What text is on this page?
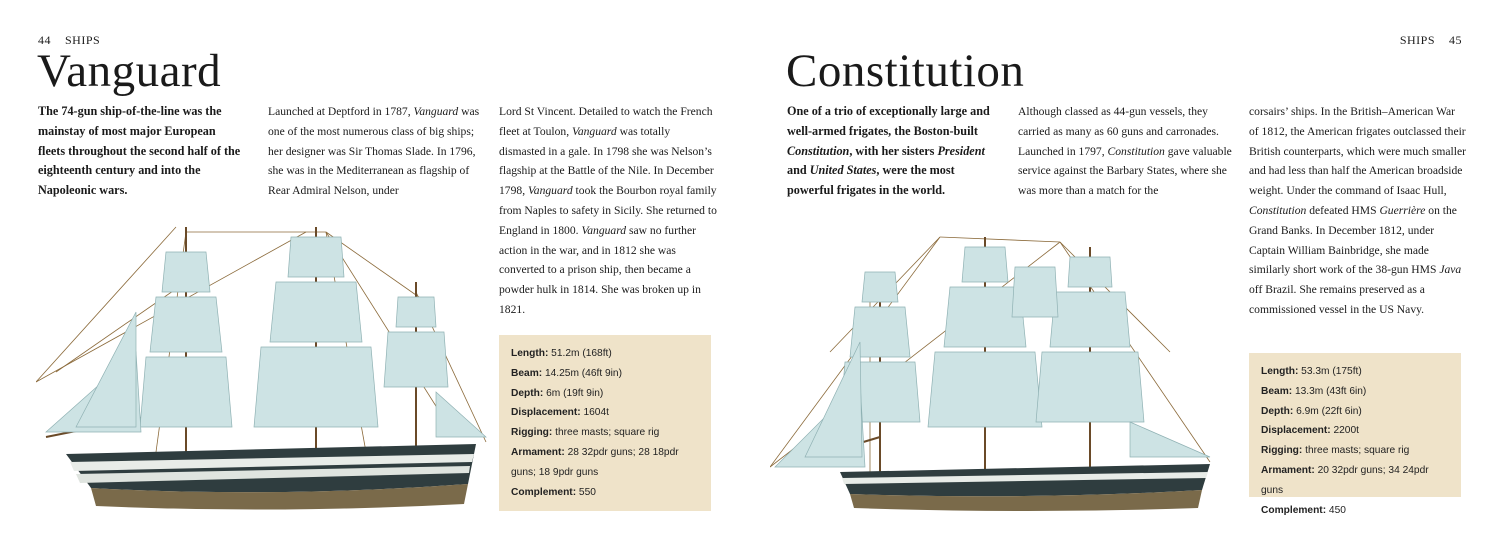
44 SHIPS
Vanguard

The 74-gun ship-of-the-line was the mainstay of most major European fleets throughout the second half of the eighteenth century and into the Napoleonic wars.

Launched at Deptford in 1787, Vanguard was one of the most numerous class of big ships; her designer was Sir Thomas Slade. In 1796, she was in the Mediterranean as flagship of Rear Admiral Nelson, under

Lord St Vincent. Detailed to watch the French fleet at Toulon, Vanguard was totally dismasted in a gale. In 1798 she was Nelson’s flagship at the Battle of the Nile. In December 1798, Vanguard took the Bourbon royal family from Naples to safety in Sicily. She returned to England in 1800. Vanguard saw no further action in the war, and in 1812 she was converted to a prison ship, then became a powder hulk in 1814. She was broken up in 1821.

Length: 51.2m (168ft)
Beam: 14.25m (46ft 9in)
Depth: 6m (19ft 9in)
Displacement: 1604t
Rigging: three masts; square rig
Armament: 28 32pdr guns; 28 18pdr guns; 18 9pdr guns
Complement: 550
SHIPS 45
Constitution

One of a trio of exceptionally large and well-armed frigates, the Boston-built Constitution, with her sisters President and United States, were the most powerful frigates in the world.

Although classed as 44-gun vessels, they carried as many as 60 guns and carronades. Launched in 1797, Constitution gave valuable service against the Barbary States, where she was more than a match for the

corsairs’ ships. In the British–American War of 1812, the American frigates outclassed their British counterparts, which were much smaller and had less than half the American broadside weight. Under the command of Isaac Hull, Constitution defeated HMS Guerrière on the Grand Banks. In December 1812, under Captain William Bainbridge, she made similarly short work of the 38-gun HMS Java off Brazil. She remains preserved as a commissioned vessel in the US Navy.

Length: 53.3m (175ft)
Beam: 13.3m (43ft 6in)
Depth: 6.9m (22ft 6in)
Displacement: 2200t
Rigging: three masts; square rig
Armament: 20 32pdr guns; 34 24pdr guns
Complement: 450
